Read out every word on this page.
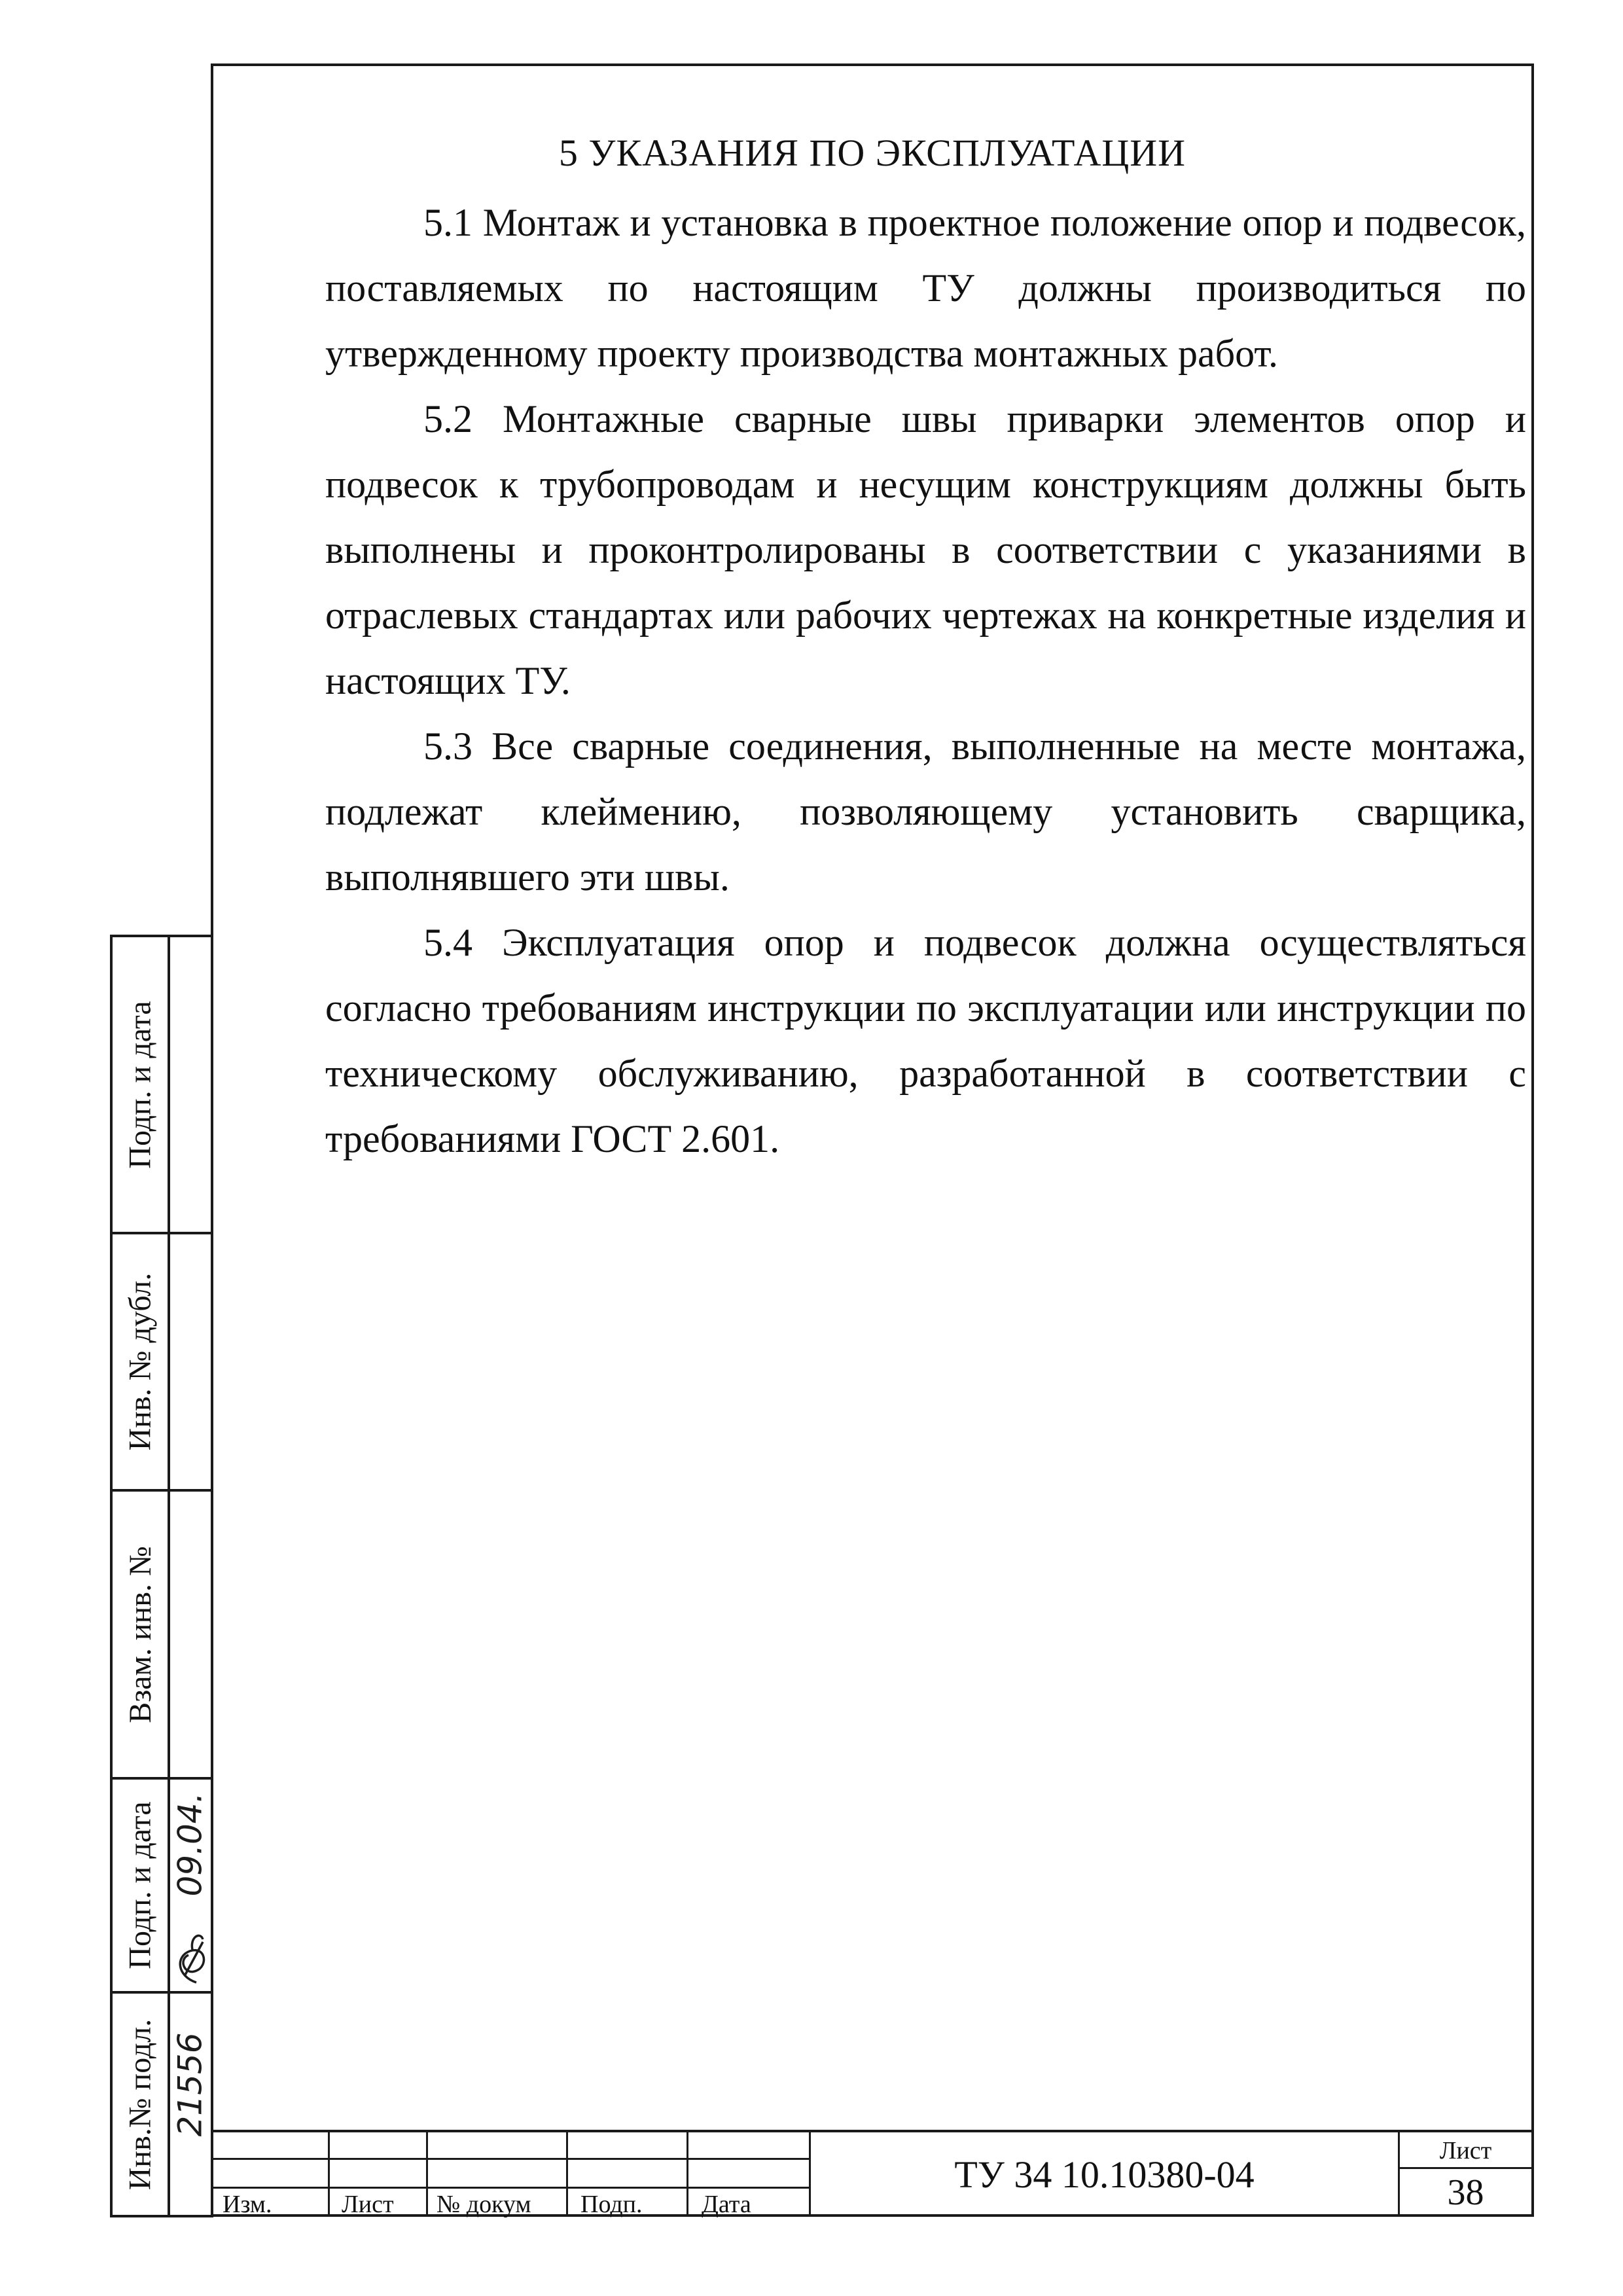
5 УКАЗАНИЯ ПО ЭКСПЛУАТАЦИИ

5.1 Монтаж и установка в проектное положение опор и подвесок, поставляемых по настоящим ТУ должны производиться по утвержденному проекту производства монтажных работ.

5.2 Монтажные сварные швы приварки элементов опор и подвесок к трубопроводам и несущим конструкциям должны быть выполнены и проконтролированы в соответствии с указаниями в отраслевых стандартах или рабочих чертежах на конкретные изделия и настоящих ТУ.

5.3 Все сварные соединения, выполненные на месте монтажа, подлежат клеймению, позволяющему установить сварщика, выполнявшего эти швы.

5.4 Эксплуатация опор и подвесок должна осуществляться согласно требованиям инструкции по эксплуатации или инструкции по техническому обслуживанию, разработанной в соответствии с требованиями ГОСТ 2.601.

Подп. и дата
Инв. № дубл.
Взам. инв. №
Подп. и дата 09.04.
Инв.№ подл. 21556
Изм.	Лист № докум Подп. Дата
ТУ 34 10.10380-04
Лист
38
